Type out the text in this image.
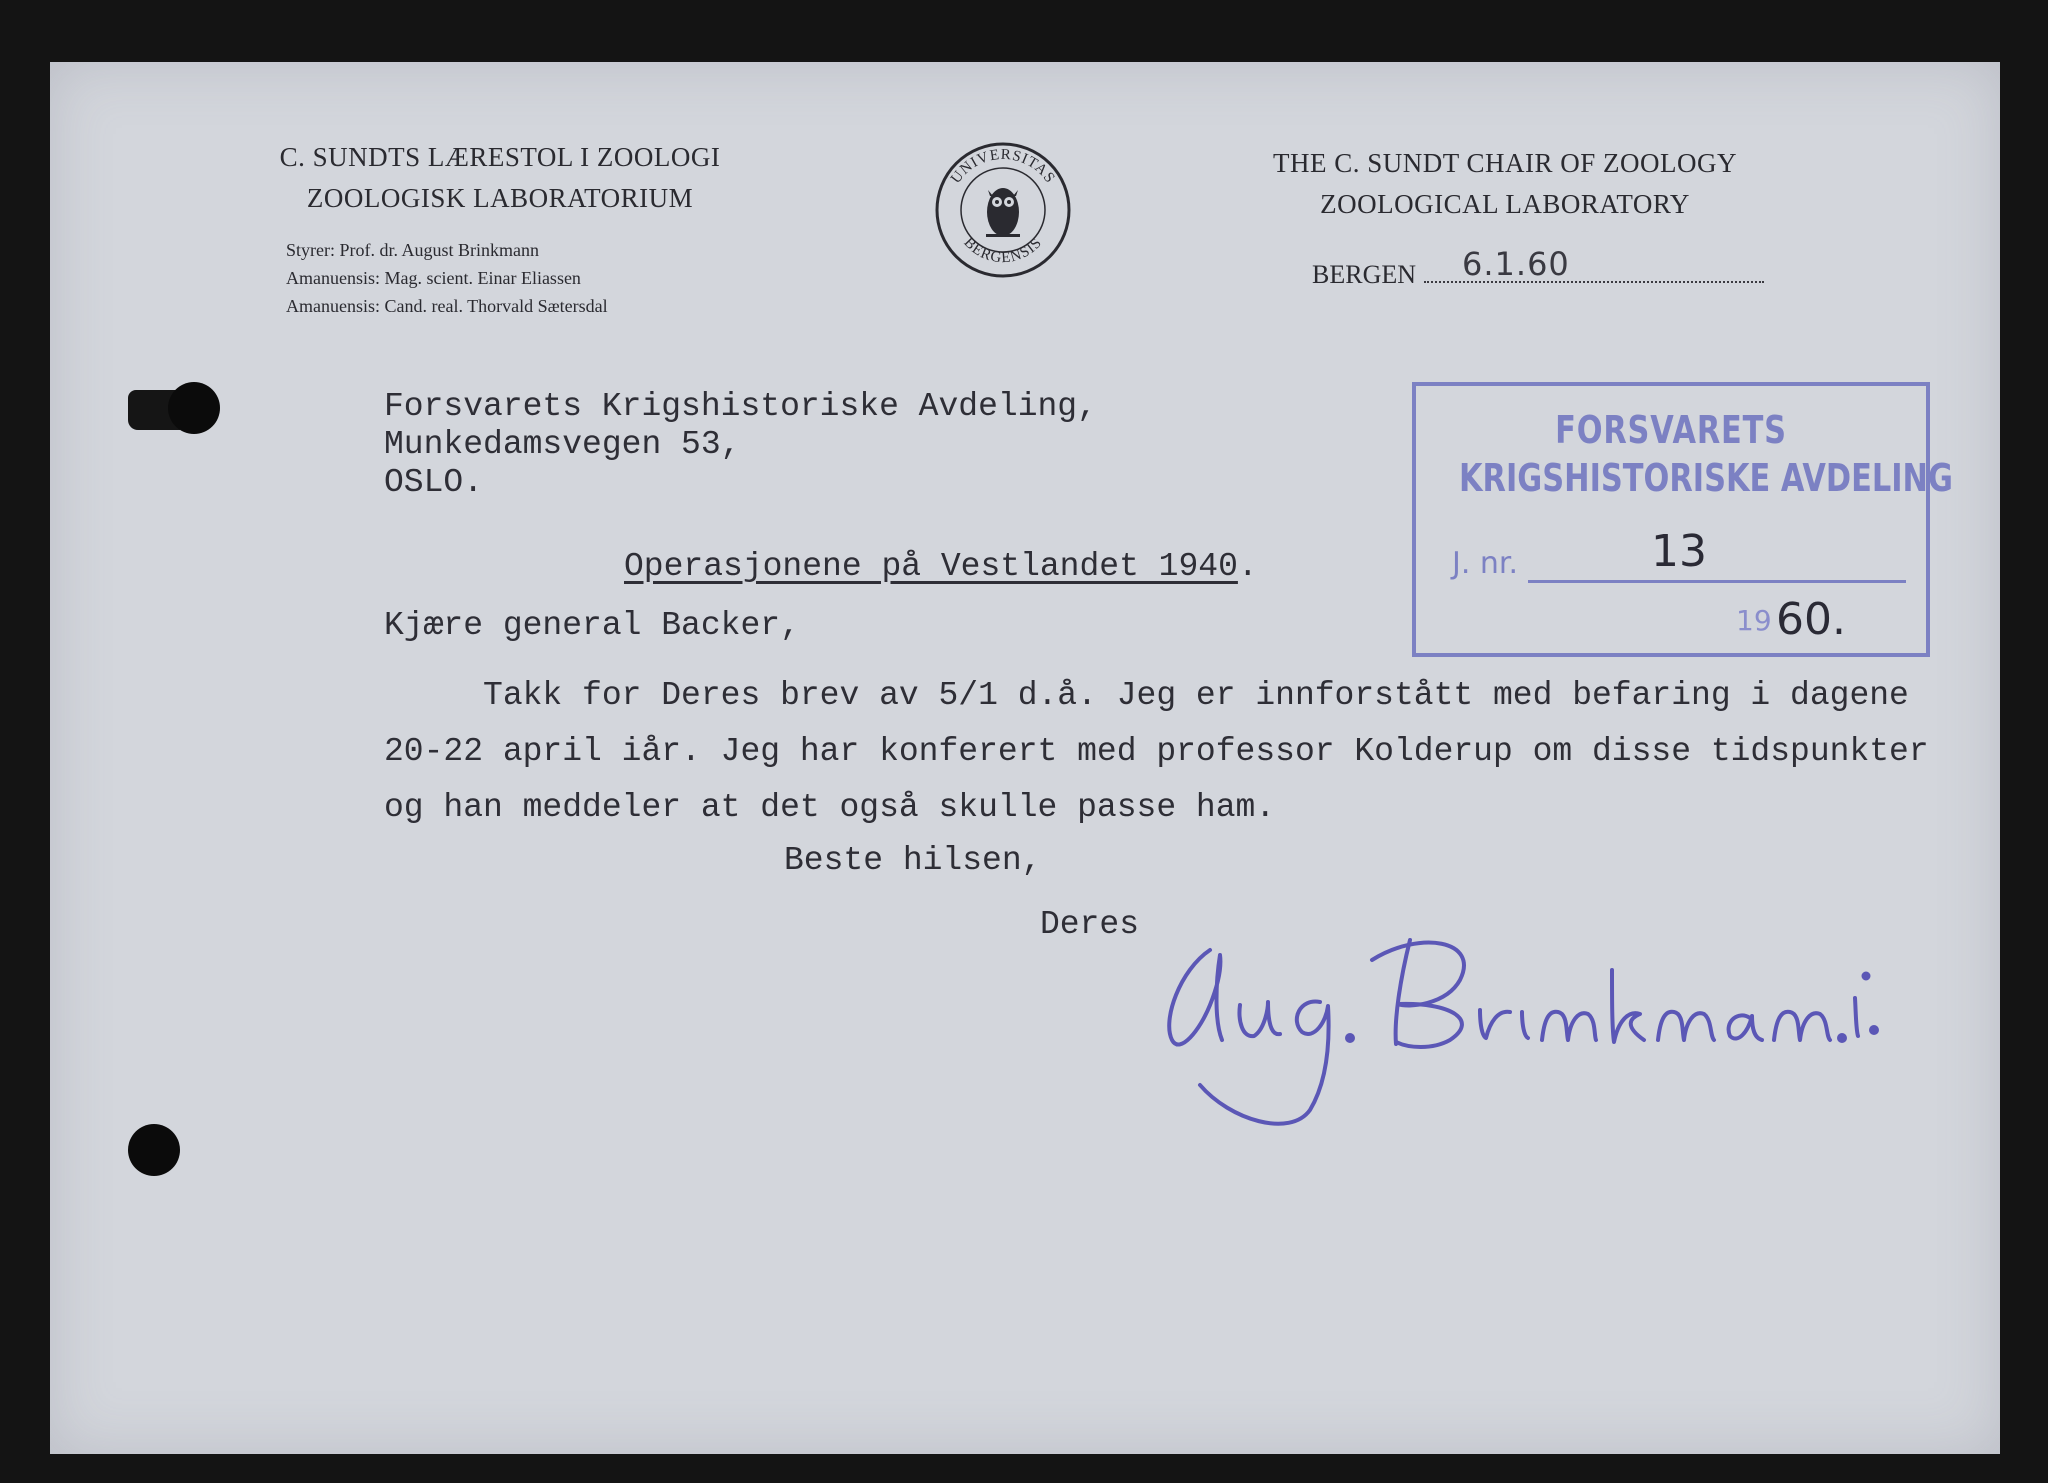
C. SUNDTS LÆRESTOL I ZOOLOGI
ZOOLOGISK LABORATORIUM
Styrer: Prof. dr. August Brinkmann
Amanuensis: Mag. scient. Einar Eliassen
Amanuensis: Cand. real. Thorvald Sætersdal
UNIVERSITAS
BERGENSIS
THE C. SUNDT CHAIR OF ZOOLOGY
ZOOLOGICAL LABORATORY
BERGEN 6.1.60
FORSVARETS
KRIGSHISTORISKE AVDELING
J. nr.	13
19 60.
Forsvarets Krigshistoriske Avdeling,
Munkedamsvegen 53,
OSLO.
Operasjonene på Vestlandet 1940.
Kjære general Backer,
Takk for Deres brev av 5/1 d.å. Jeg er innforstått med befaring i dagene
20-22 april iår. Jeg har konferert med professor Kolderup om disse tidspunkter
og han meddeler at det også skulle passe ham.
Beste hilsen,
Deres
